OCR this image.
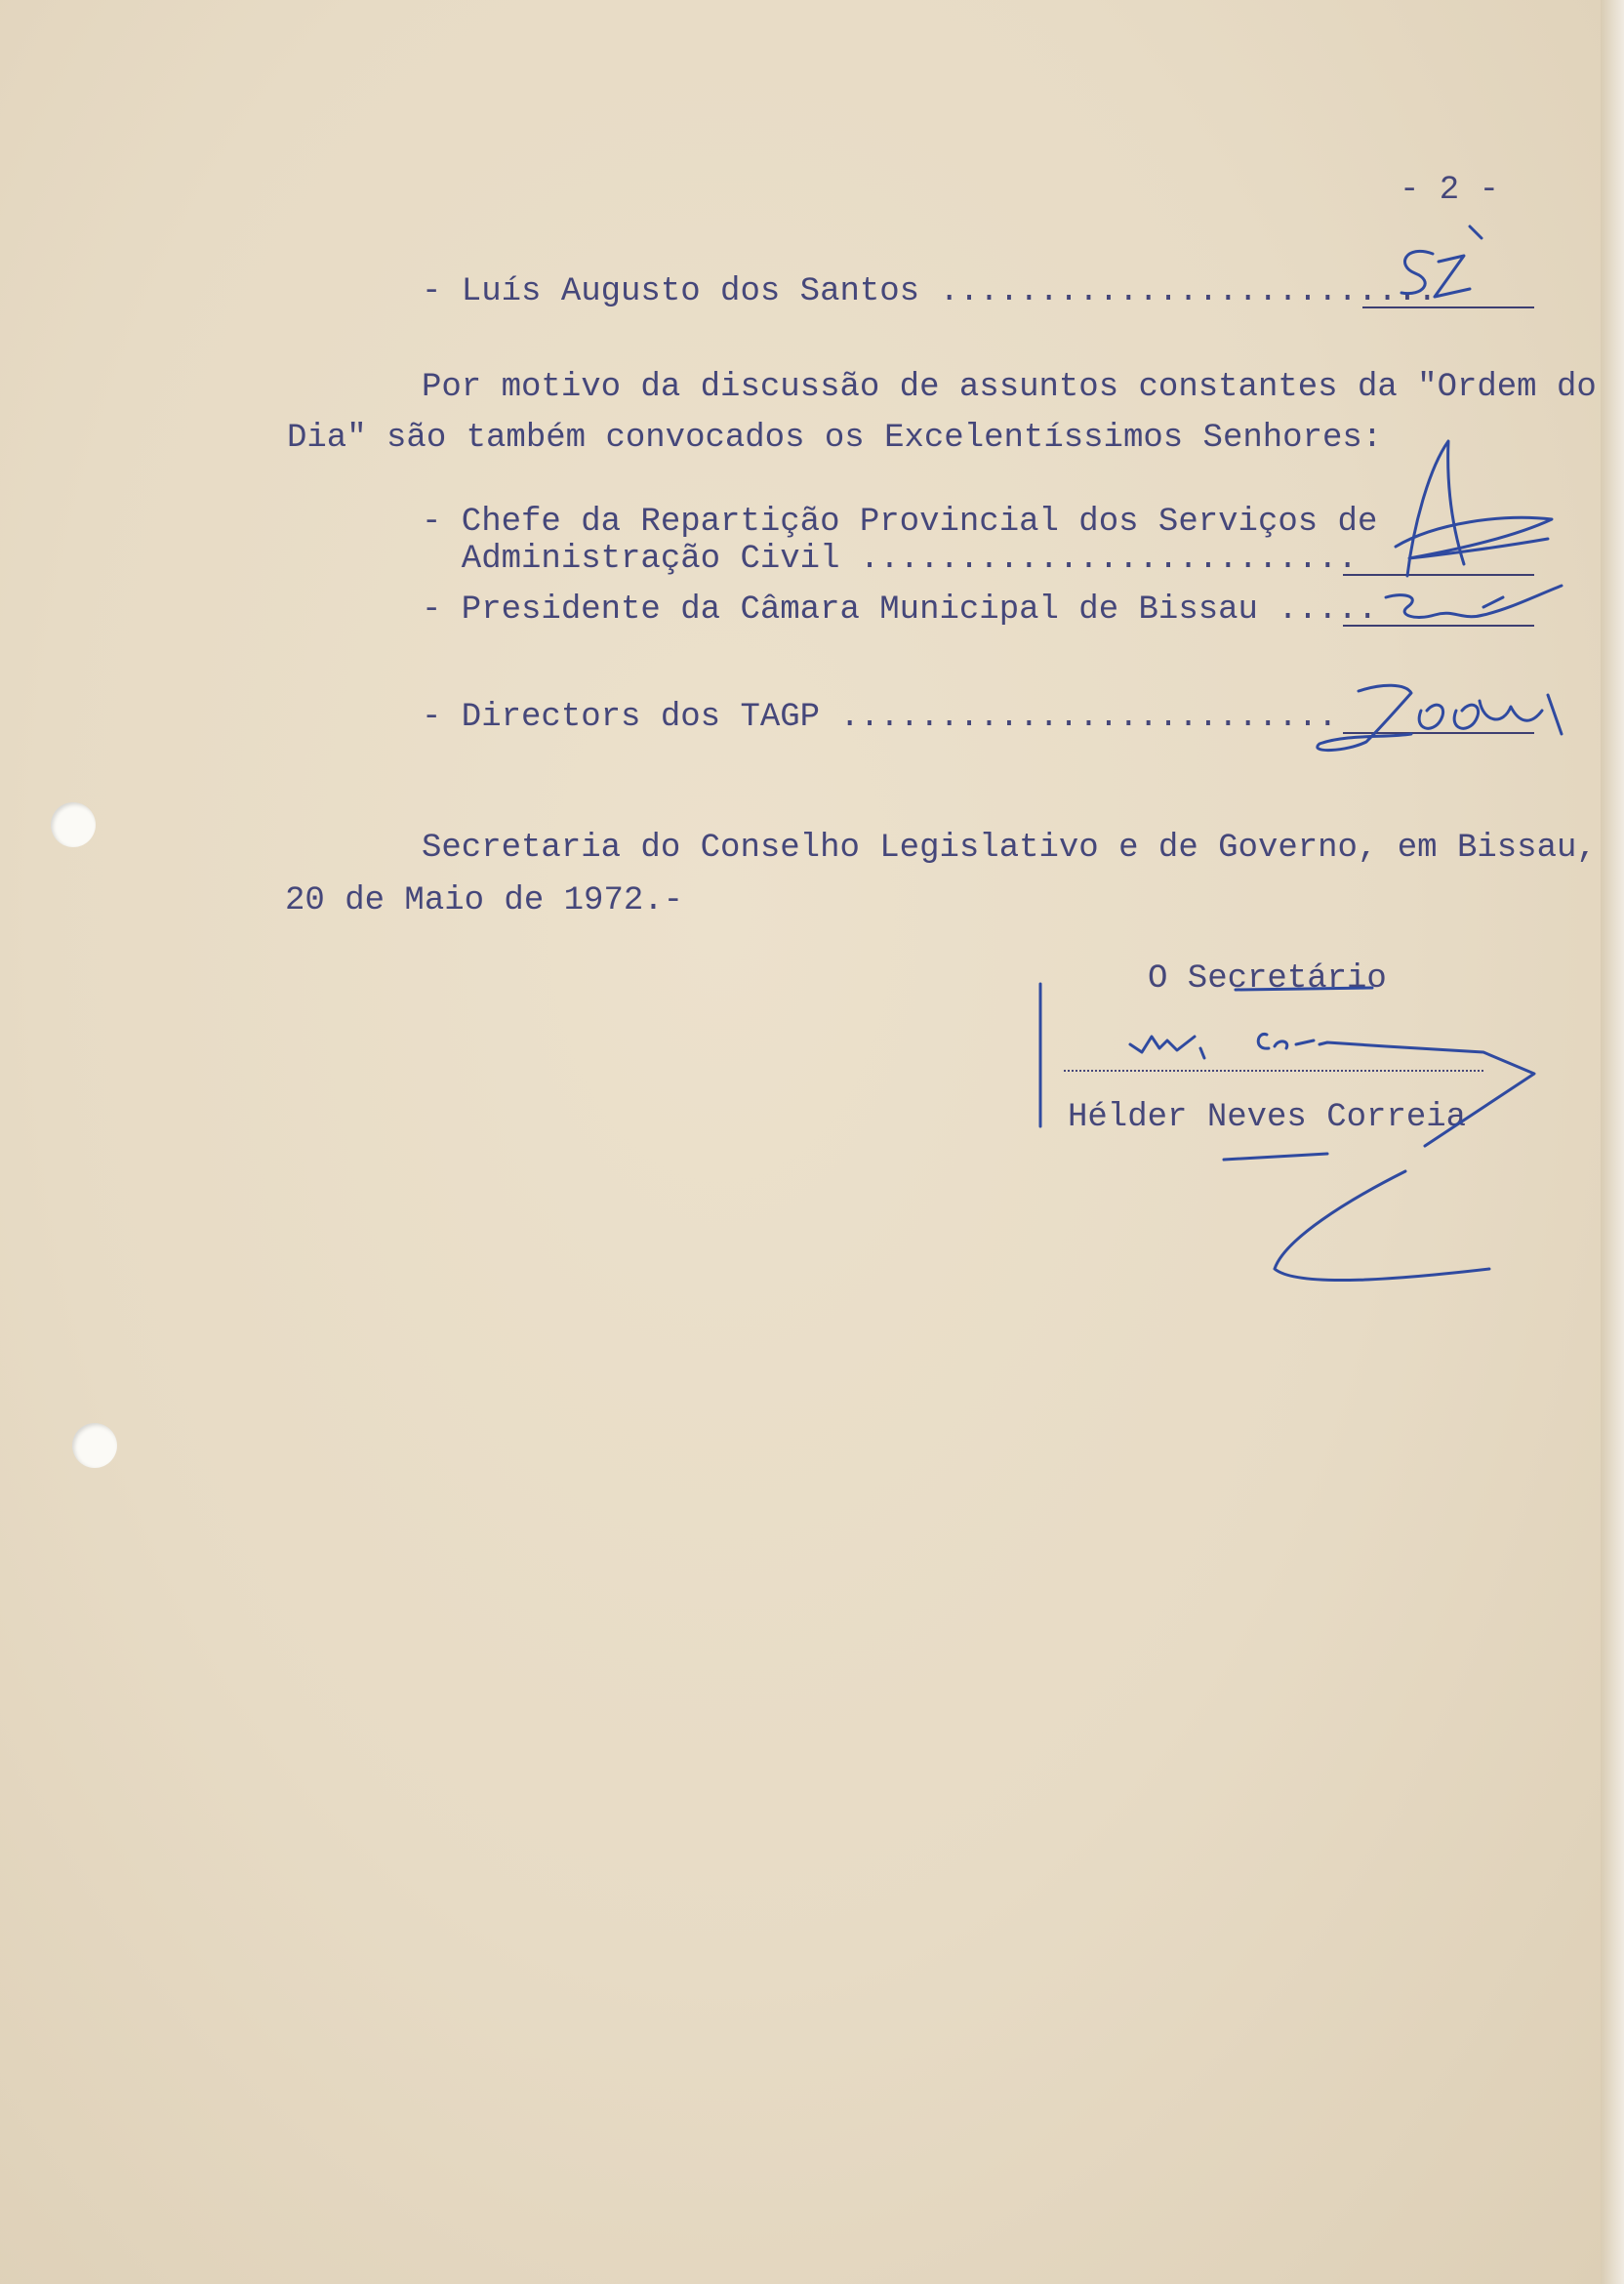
- 2 -

- Luís Augusto dos Santos .........................

Por motivo da discussão de assuntos constantes da "Ordem do

Dia" são também convocados os Excelentíssimos Senhores:

- Chefe da Repartição Provincial dos Serviços de

Administração Civil .........................

- Presidente da Câmara Municipal de Bissau .....

- Directors dos TAGP .........................

Secretaria do Conselho Legislativo e de Governo, em Bissau,

20 de Maio de 1972.-

O Secretário

Hélder Neves Correia
